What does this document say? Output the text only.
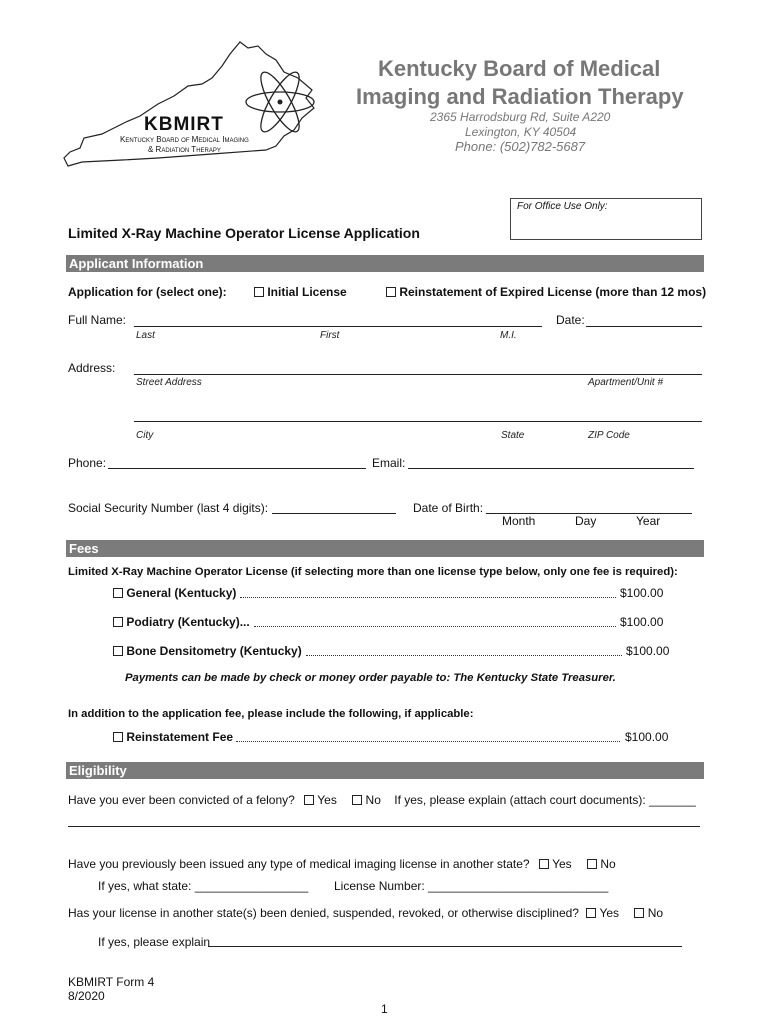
KBMIRT
Kentucky Board of Medical Imaging
& Radiation Therapy
Kentucky Board of Medical
Imaging and Radiation Therapy
2365 Harrodsburg Rd, Suite A220
Lexington, KY 40504
Phone: (502)782-5687
For Office Use Only:
Limited X-Ray Machine Operator License Application
Applicant Information
Application for (select one):	Initial License	Reinstatement of Expired License (more than 12 mos)
Full Name:	Date:
Last	First	M.I.
Address:
Street Address	Apartment/Unit #
City	State	ZIP Code
Phone:	Email:
Social Security Number (last 4 digits):	Date of Birth:
Month	Day	Year
Fees
Limited X-Ray Machine Operator License (if selecting more than one license type below, only one fee is required):
General (Kentucky)	$100.00
Podiatry (Kentucky)...	$100.00
Bone Densitometry (Kentucky)	$100.00
Payments can be made by check or money order payable to: The Kentucky State Treasurer.
In addition to the application fee, please include the following, if applicable:
Reinstatement Fee	$100.00
Eligibility
Have you ever been convicted of a felony? Yes No If yes, please explain (attach court documents): _______
Have you previously been issued any type of medical imaging license in another state? Yes No
If yes, what state: _________________ License Number: ___________________________
Has your license in another state(s) been denied, suspended, revoked, or otherwise disciplined? Yes No
If yes, please explain
KBMIRT Form 4
8/2020
1
